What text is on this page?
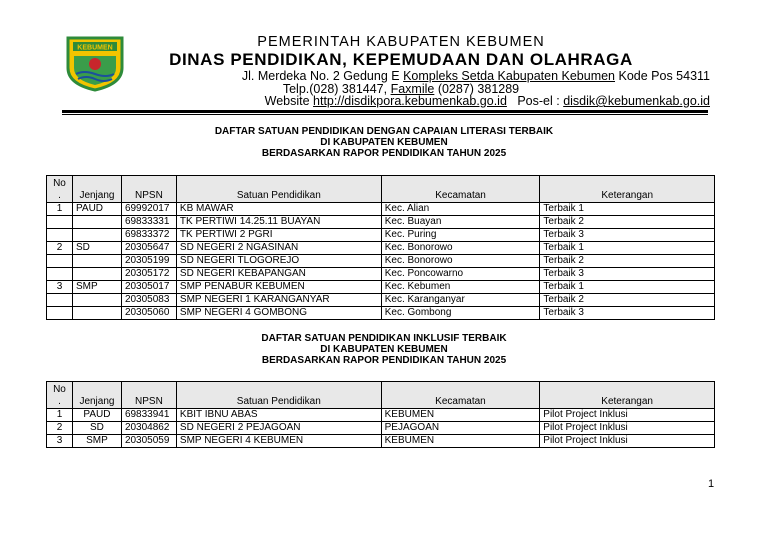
KEBUMEN	PEMERINTAH KABUPATEN KEBUMEN
DINAS PENDIDIKAN, KEPEMUDAAN DAN OLAHRAGA
Jl. Merdeka No. 2 Gedung E Kompleks Setda Kabupaten Kebumen Kode Pos 54311
Telp.(028) 381447, Faxmile (0287) 381289
Website http://disdikpora.kebumenkab.go.id   Pos-el : disdik@kebumenkab.go.id
DAFTAR SATUAN PENDIDIKAN DENGAN CAPAIAN LITERASI TERBAIK
DI KABUPATEN KEBUMEN
BERDASARKAN RAPOR PENDIDIKAN TAHUN 2025
No
.	Jenjang	NPSN	Satuan Pendidikan	Kecamatan	Keterangan
1	PAUD	69992017	KB MAWAR	Kec. Alian	Terbaik 1
		69833331	TK PERTIWI 14.25.11 BUAYAN	Kec. Buayan	Terbaik 2
		69833372	TK PERTIWI 2 PGRI	Kec. Puring	Terbaik 3
2	SD	20305647	SD NEGERI 2 NGASINAN	Kec. Bonorowo	Terbaik 1
		20305199	SD NEGERI TLOGOREJO	Kec. Bonorowo	Terbaik 2
		20305172	SD NEGERI KEBAPANGAN	Kec. Poncowarno	Terbaik 3
3	SMP	20305017	SMP PENABUR KEBUMEN	Kec. Kebumen	Terbaik 1
		20305083	SMP NEGERI 1 KARANGANYAR	Kec. Karanganyar	Terbaik 2
		20305060	SMP NEGERI 4 GOMBONG	Kec. Gombong	Terbaik 3
DAFTAR SATUAN PENDIDIKAN INKLUSIF TERBAIK
DI KABUPATEN KEBUMEN
BERDASARKAN RAPOR PENDIDIKAN TAHUN 2025
No
.	Jenjang	NPSN	Satuan Pendidikan	Kecamatan	Keterangan
1	PAUD	69833941	KBIT IBNU ABAS	KEBUMEN	Pilot Project Inklusi
2	SD	20304862	SD NEGERI 2 PEJAGOAN	PEJAGOAN	Pilot Project Inklusi
3	SMP	20305059	SMP NEGERI 4 KEBUMEN	KEBUMEN	Pilot Project Inklusi
1
